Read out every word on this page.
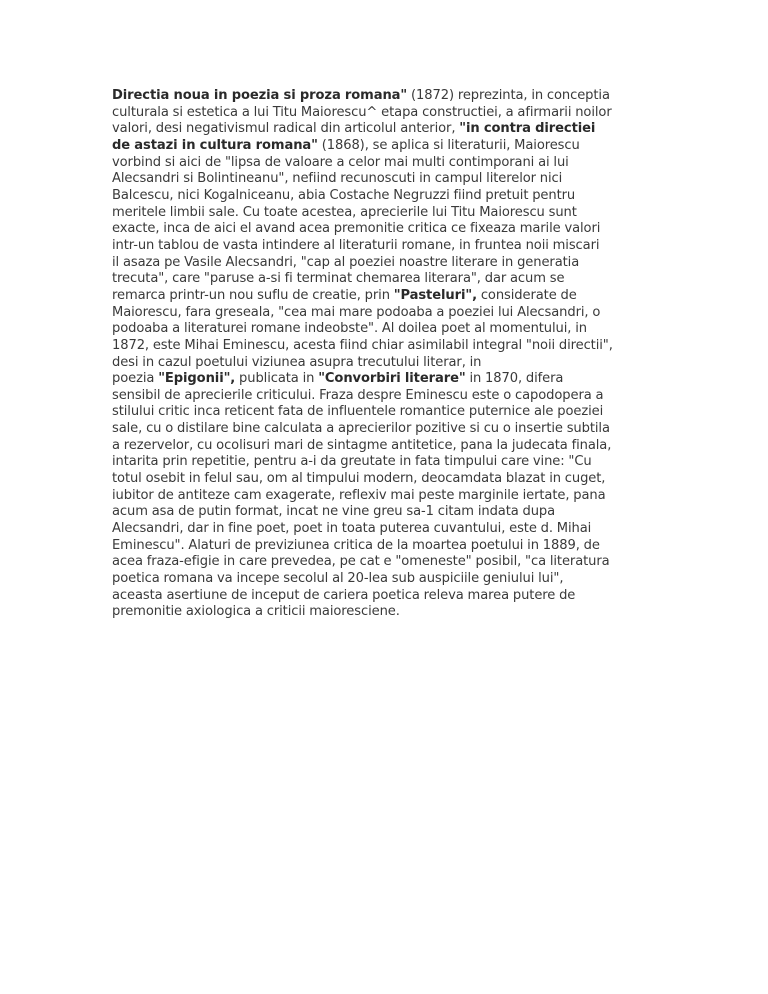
Directia noua in poezia si proza romana" (1872) reprezinta, in conceptia
culturala si estetica a lui Titu Maiorescu^ etapa constructiei, a afirmarii noilor
valori, desi negativismul radical din articolul anterior, "in contra directiei
de astazi in cultura romana" (1868), se aplica si literaturii, Maiorescu
vorbind si aici de "lipsa de valoare a celor mai multi contimporani ai lui
Alecsandri si Bolintineanu", nefiind recunoscuti in campul literelor nici
Balcescu, nici Kogalniceanu, abia Costache Negruzzi fiind pretuit pentru
meritele limbii sale. Cu toate acestea, aprecierile lui Titu Maiorescu sunt
exacte, inca de aici el avand acea premonitie critica ce fixeaza marile valori
intr-un tablou de vasta intindere al literaturii romane, in fruntea noii miscari
il asaza pe Vasile Alecsandri, "cap al poeziei noastre literare in generatia
trecuta", care "paruse a-si fi terminat chemarea literara", dar acum se
remarca printr-un nou suflu de creatie, prin "Pasteluri", considerate de
Maiorescu, fara greseala, "cea mai mare podoaba a poeziei lui Alecsandri, o
podoaba a literaturei romane indeobste". Al doilea poet al momentului, in
1872, este Mihai Eminescu, acesta fiind chiar asimilabil integral "noii directii",
desi in cazul poetului viziunea asupra trecutului literar, in
poezia "Epigonii", publicata in "Convorbiri literare" in 1870, difera
sensibil de aprecierile criticului. Fraza despre Eminescu este o capodopera a
stilului critic inca reticent fata de influentele romantice puternice ale poeziei
sale, cu o distilare bine calculata a aprecierilor pozitive si cu o insertie subtila
a rezervelor, cu ocolisuri mari de sintagme antitetice, pana la judecata finala,
intarita prin repetitie, pentru a-i da greutate in fata timpului care vine: "Cu
totul osebit in felul sau, om al timpului modern, deocamdata blazat in cuget,
iubitor de antiteze cam exagerate, reflexiv mai peste marginile iertate, pana
acum asa de putin format, incat ne vine greu sa-1 citam indata dupa
Alecsandri, dar in fine poet, poet in toata puterea cuvantului, este d. Mihai
Eminescu". Alaturi de previziunea critica de la moartea poetului in 1889, de
acea fraza-efigie in care prevedea, pe cat e "omeneste" posibil, "ca literatura
poetica romana va incepe secolul al 20-lea sub auspiciile geniului lui",
aceasta asertiune de inceput de cariera poetica releva marea putere de
premonitie axiologica a criticii maioresciene.
